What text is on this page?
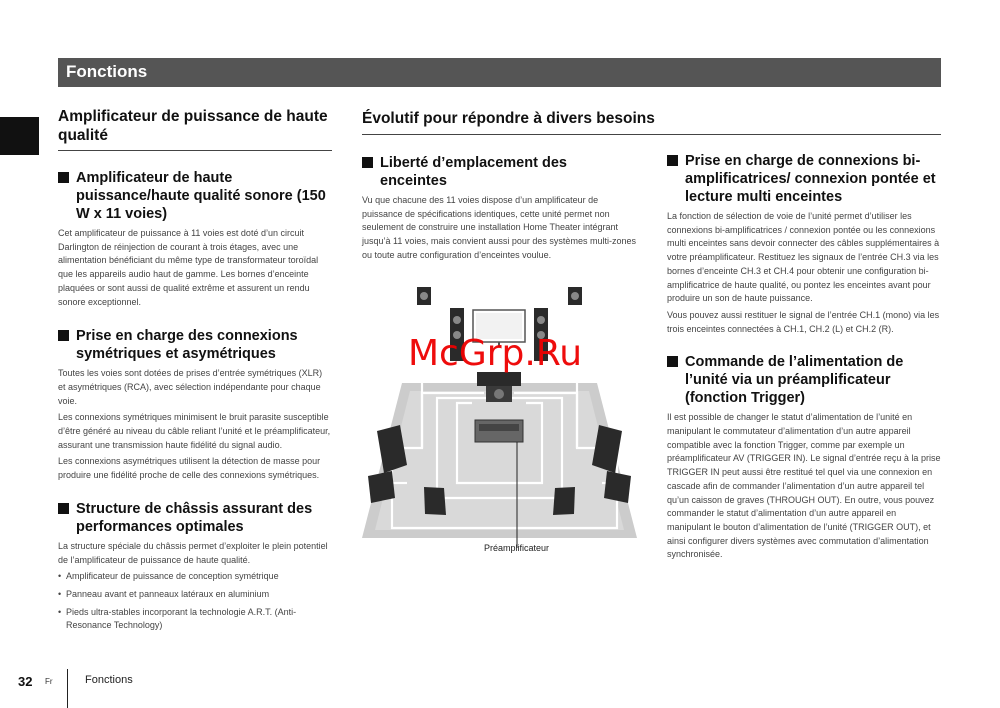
Fonctions
Amplificateur de puissance de haute qualité
Amplificateur de haute puissance/haute qualité sonore (150 W x 11 voies)

Cet amplificateur de puissance à 11 voies est doté d’un circuit Darlington de réinjection de courant à trois étages, avec une alimentation bénéficiant du même type de transformateur toroïdal que les appareils audio haut de gamme. Les bornes d’enceinte plaquées or sont aussi de qualité extrême et assurent un rendu sonore exceptionnel.

Prise en charge des connexions symétriques et asymétriques

Toutes les voies sont dotées de prises d’entrée symétriques (XLR) et asymétriques (RCA), avec sélection indépendante pour chaque voie.

Les connexions symétriques minimisent le bruit parasite susceptible d’être généré au niveau du câble reliant l’unité et le préamplificateur, assurant une transmission haute fidélité du signal audio.

Les connexions asymétriques utilisent la détection de masse pour produire une fidélité proche de celle des connexions symétriques.

Structure de châssis assurant des performances optimales

La structure spéciale du châssis permet d’exploiter le plein potentiel de l’amplificateur de puissance de haute qualité.

• Amplificateur de puissance de conception symétrique
• Panneau avant et panneaux latéraux en aluminium
• Pieds ultra-stables incorporant la technologie A.R.T. (Anti-Resonance Technology)
Évolutif pour répondre à divers besoins
Liberté d’emplacement des enceintes

Vu que chacune des 11 voies dispose d’un amplificateur de puissance de spécifications identiques, cette unité permet non seulement de construire une installation Home Theater intégrant jusqu’à 11 voies, mais convient aussi pour des systèmes multi-zones ou toute autre configuration d’enceintes voulue.

Préamplificateur
McGrp.Ru
Prise en charge de connexions bi-amplificatrices/ connexion pontée et lecture multi enceintes

La fonction de sélection de voie de l’unité permet d’utiliser les connexions bi-amplificatrices / connexion pontée ou les connexions multi enceintes sans devoir connecter des câbles supplémentaires à votre préamplificateur. Restituez les signaux de l’entrée CH.3 via les bornes d’enceinte CH.3 et CH.4 pour obtenir une configuration bi-amplificatrice de haute qualité, ou pontez les enceintes avant pour produire un son de haute puissance.

Vous pouvez aussi restituer le signal de l’entrée CH.1 (mono) via les trois enceintes connectées à CH.1, CH.2 (L) et CH.2 (R).

Commande de l’alimentation de l’unité via un préamplificateur (fonction Trigger)

Il est possible de changer le statut d’alimentation de l’unité en manipulant le commutateur d’alimentation d’un autre appareil compatible avec la fonction Trigger, comme par exemple un préamplificateur AV (TRIGGER IN). Le signal d’entrée reçu à la prise TRIGGER IN peut aussi être restitué tel quel via une connexion en cascade afin de commander l’alimentation d’un autre appareil tel qu’un caisson de graves (THROUGH OUT). En outre, vous pouvez commander le statut d’alimentation d’un autre appareil en manipulant le bouton d’alimentation de l’unité (TRIGGER OUT), et ainsi configurer divers systèmes avec commutation d’alimentation synchronisée.

32 Fr	Fonctions
